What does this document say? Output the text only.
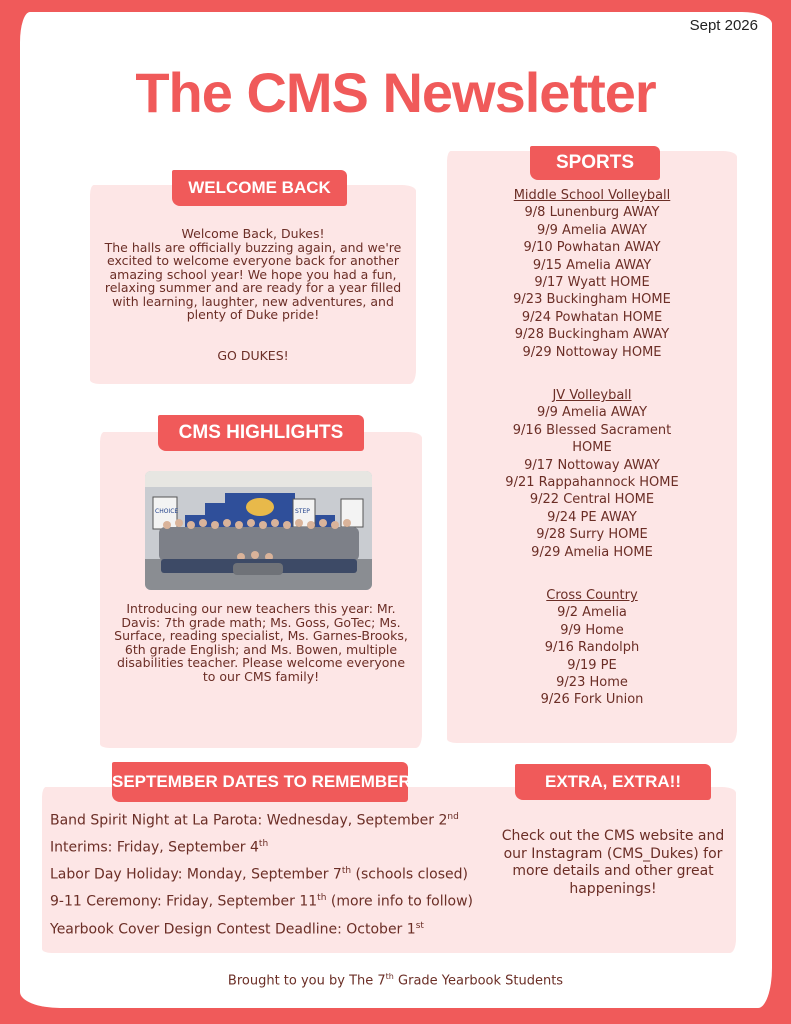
Sept 2026
The CMS Newsletter
WELCOME BACK
Welcome Back, Dukes!
The halls are officially buzzing again, and we're excited to welcome everyone back for another amazing school year! We hope you had a fun, relaxing summer and are ready for a year filled with learning, laughter, new adventures, and plenty of Duke pride!
GO DUKES!
CMS HIGHLIGHTS
CHOICE	STEP
Introducing our new teachers this year: Mr. Davis: 7th grade math; Ms. Goss, GoTec; Ms. Surface, reading specialist, Ms. Garnes-Brooks, 6th grade English; and Ms. Bowen, multiple disabilities teacher. Please welcome everyone to our CMS family!
SPORTS
Middle School Volleyball
9/8 Lunenburg AWAY
9/9 Amelia AWAY
9/10 Powhatan AWAY
9/15 Amelia AWAY
9/17 Wyatt HOME
9/23 Buckingham HOME
9/24 Powhatan HOME
9/28 Buckingham AWAY
9/29 Nottoway HOME
JV Volleyball
9/9 Amelia AWAY
9/16 Blessed Sacrament
HOME
9/17 Nottoway AWAY
9/21 Rappahannock HOME
9/22 Central HOME
9/24 PE AWAY
9/28 Surry HOME
9/29 Amelia HOME
Cross Country
9/2 Amelia
9/9 Home
9/16 Randolph
9/19 PE
9/23 Home
9/26 Fork Union
SEPTEMBER DATES TO REMEMBER
Band Spirit Night at La Parota: Wednesday, September 2nd
Interims: Friday, September 4th
Labor Day Holiday: Monday, September 7th (schools closed)
9-11 Ceremony: Friday, September 11th (more info to follow)
Yearbook Cover Design Contest Deadline: October 1st
EXTRA, EXTRA!!
Check out the CMS website and our Instagram (CMS_Dukes) for more details and other great happenings!
Brought to you by The 7th Grade Yearbook Students
